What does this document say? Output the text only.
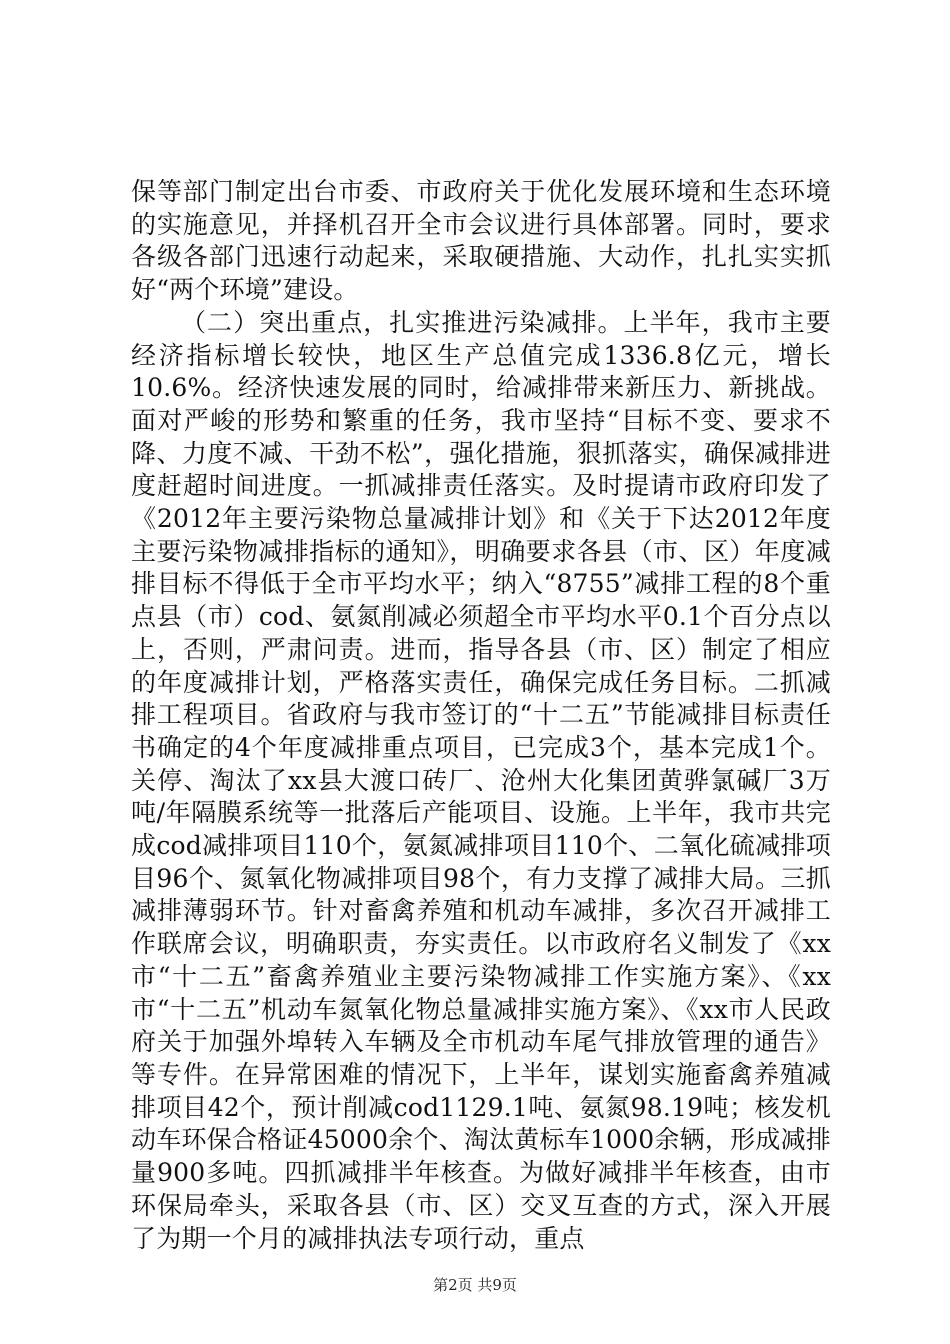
保等部门制定出台市委、市政府关于优化发展环境和生态环境的实施意见，并择机召开全市会议进行具体部署。同时，要求各级各部门迅速行动起来，采取硬措施、大动作，扎扎实实抓好“两个环境”建设。

（二）突出重点，扎实推进污染减排。上半年，我市主要经济指标增长较快，地区生产总值完成1336.8亿元，增长10.6%。经济快速发展的同时，给减排带来新压力、新挑战。面对严峻的形势和繁重的任务，我市坚持“目标不变、要求不降、力度不减、干劲不松”，强化措施，狠抓落实，确保减排进度赶超时间进度。一抓减排责任落实。及时提请市政府印发了《2012年主要污染物总量减排计划》和《关于下达2012年度主要污染物减排指标的通知》，明确要求各县（市、区）年度减排目标不得低于全市平均水平；纳入“8755”减排工程的8个重点县（市）cod、氨氮削减必须超全市平均水平0.1个百分点以上，否则，严肃问责。进而，指导各县（市、区）制定了相应的年度减排计划，严格落实责任，确保完成任务目标。二抓减排工程项目。省政府与我市签订的“十二五”节能减排目标责任书确定的4个年度减排重点项目，已完成3个，基本完成1个。关停、淘汰了xx县大渡口砖厂、沧州大化集团黄骅氯碱厂3万吨/年隔膜系统等一批落后产能项目、设施。上半年，我市共完成cod减排项目110个，氨氮减排项目110个、二氧化硫减排项目96个、氮氧化物减排项目98个，有力支撑了减排大局。三抓减排薄弱环节。针对畜禽养殖和机动车减排，多次召开减排工作联席会议，明确职责，夯实责任。以市政府名义制发了《xx市“十二五”畜禽养殖业主要污染物减排工作实施方案》、《xx市“十二五”机动车氮氧化物总量减排实施方案》、《xx市人民政府关于加强外埠转入车辆及全市机动车尾气排放管理的通告》等专件。在异常困难的情况下，上半年，谋划实施畜禽养殖减排项目42个，预计削减cod1129.1吨、氨氮98.19吨；核发机动车环保合格证45000余个、淘汰黄标车1000余辆，形成减排量900多吨。四抓减排半年核查。为做好减排半年核查，由市环保局牵头，采取各县（市、区）交叉互查的方式，深入开展了为期一个月的减排执法专项行动，重点

第2页 共9页
